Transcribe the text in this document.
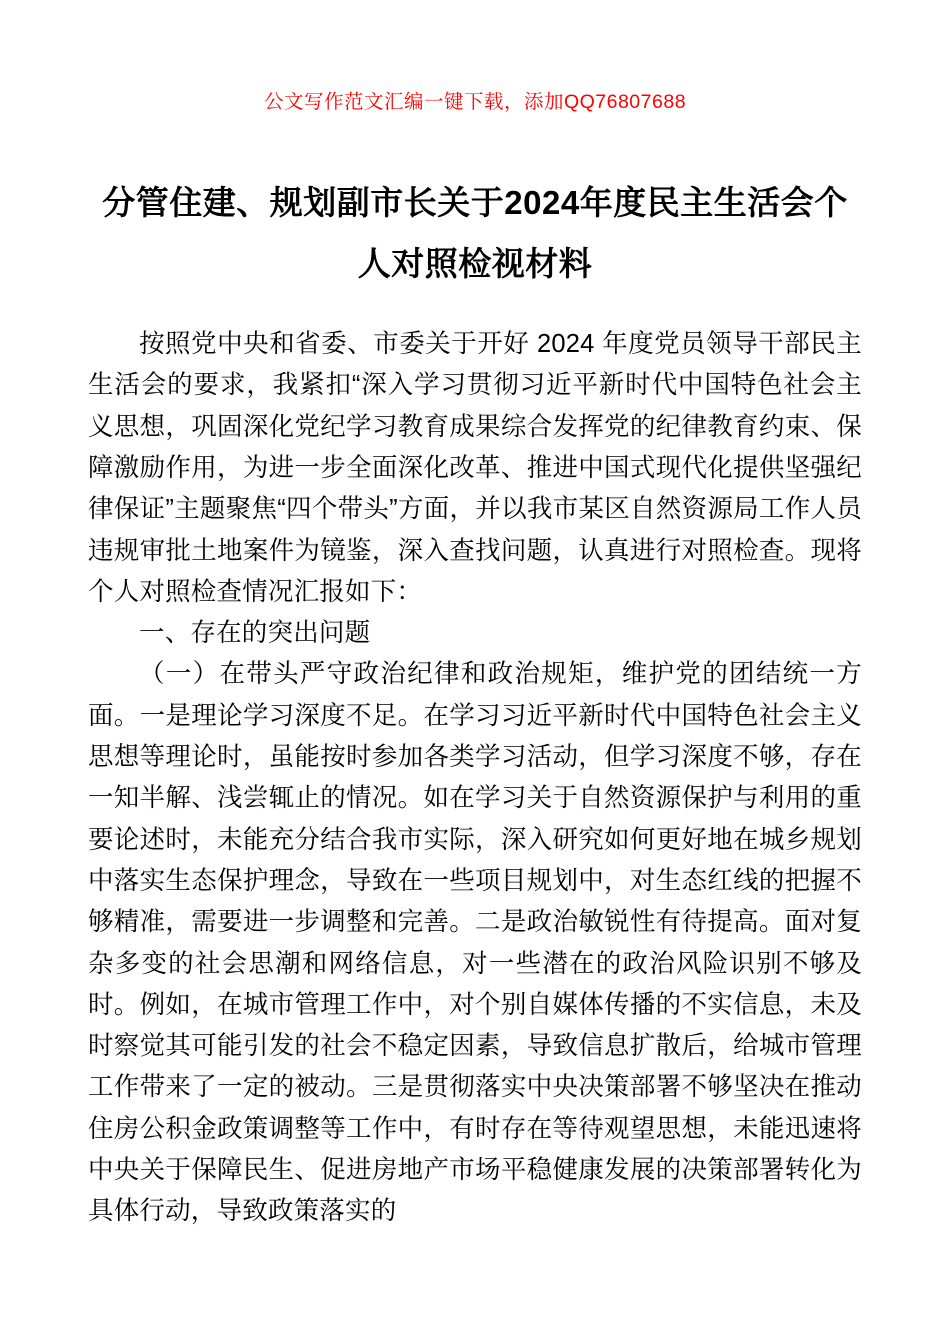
公文写作范文汇编一键下载，添加QQ76807688
分管住建、规划副市长关于2024年度民主生活会个人对照检视材料

按照党中央和省委、市委关于开好 2024 年度党员领导干部民主生活会的要求，我紧扣“深入学习贯彻习近平新时代中国特色社会主义思想，巩固深化党纪学习教育成果综合发挥党的纪律教育约束、保障激励作用，为进一步全面深化改革、推进中国式现代化提供坚强纪律保证”主题聚焦“四个带头”方面，并以我市某区自然资源局工作人员违规审批土地案件为镜鉴，深入查找问题，认真进行对照检查。现将个人对照检查情况汇报如下：

一、存在的突出问题

（一）在带头严守政治纪律和政治规矩，维护党的团结统一方面。一是理论学习深度不足。在学习习近平新时代中国特色社会主义思想等理论时，虽能按时参加各类学习活动，但学习深度不够，存在一知半解、浅尝辄止的情况。如在学习关于自然资源保护与利用的重要论述时，未能充分结合我市实际，深入研究如何更好地在城乡规划中落实生态保护理念，导致在一些项目规划中，对生态红线的把握不够精准，需要进一步调整和完善。二是政治敏锐性有待提高。面对复杂多变的社会思潮和网络信息，对一些潜在的政治风险识别不够及时。例如，在城市管理工作中，对个别自媒体传播的不实信息，未及时察觉其可能引发的社会不稳定因素，导致信息扩散后，给城市管理工作带来了一定的被动。三是贯彻落实中央决策部署不够坚决在推动住房公积金政策调整等工作中，有时存在等待观望思想，未能迅速将中央关于保障民生、促进房地产市场平稳健康发展的决策部署转化为具体行动，导致政策落实的
